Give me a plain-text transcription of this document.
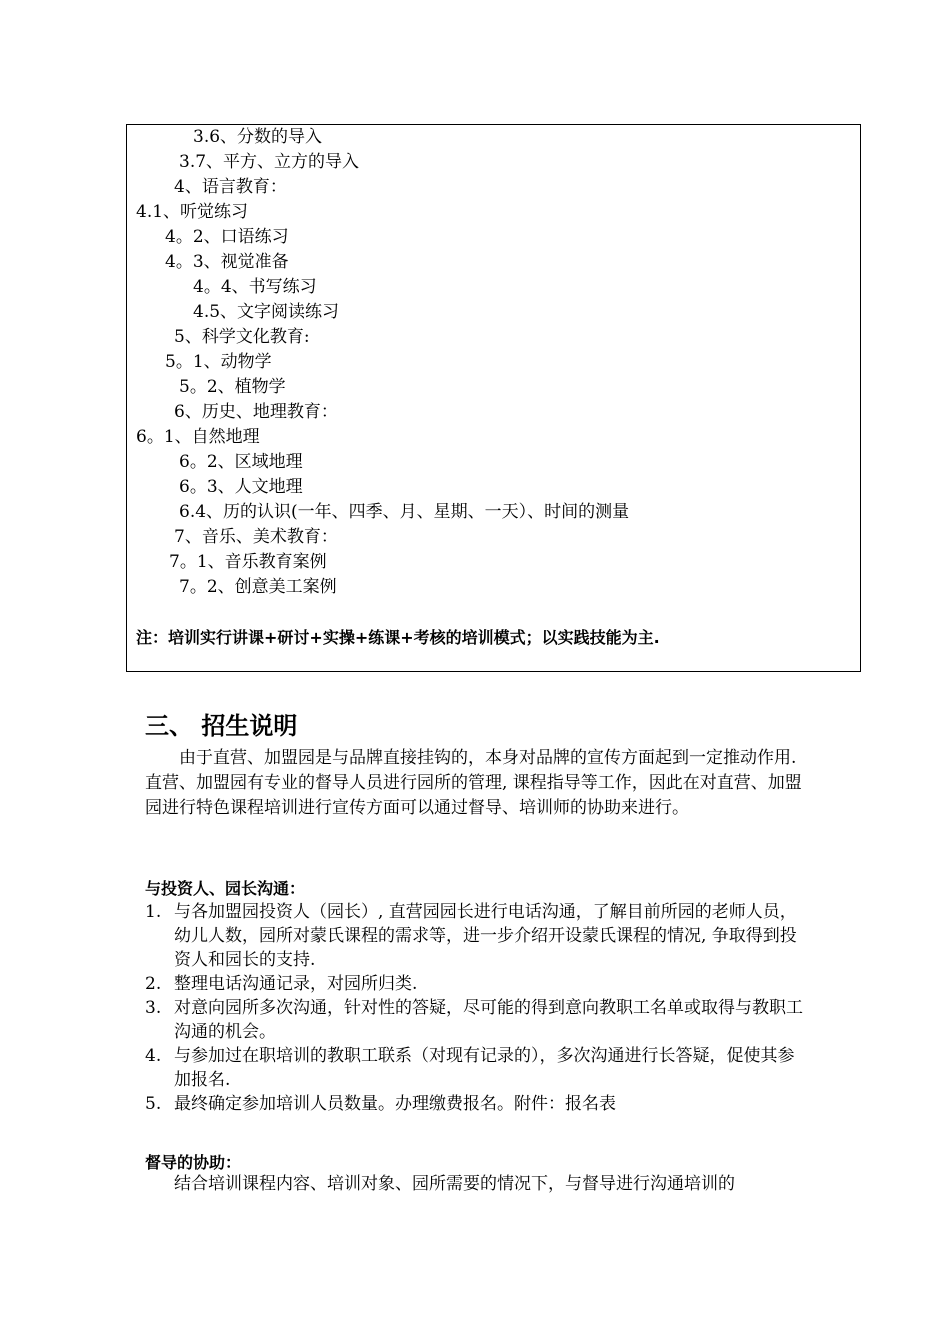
3.6、分数的导入
3.7、平方、立方的导入
4、语言教育：
4.1、听觉练习
4。2、口语练习
4。3、视觉准备
4。4、书写练习
4.5、文字阅读练习
5、科学文化教育:
5。1、动物学
5。2、植物学
6、历史、地理教育：
6。1、自然地理
6。2、区域地理
6。3、人文地理
6.4、历的认识(一年、四季、月、星期、一天）、时间的测量
7、音乐、美术教育：
7。1、音乐教育案例
7。2、创意美工案例
注：培训实行讲课+研讨+实操+练课+考核的培训模式；以实践技能为主.
三、 招生说明
由于直营、加盟园是与品牌直接挂钩的，本身对品牌的宣传方面起到一定推动作用. 直营、加盟园有专业的督导人员进行园所的管理, 课程指导等工作，因此在对直营、加盟园进行特色课程培训进行宣传方面可以通过督导、培训师的协助来进行。
与投资人、园长沟通：
1. 与各加盟园投资人（园长）, 直营园园长进行电话沟通，了解目前所园的老师人员，幼儿人数，园所对蒙氏课程的需求等，进一步介绍开设蒙氏课程的情况, 争取得到投资人和园长的支持.
2. 整理电话沟通记录，对园所归类.
3. 对意向园所多次沟通，针对性的答疑，尽可能的得到意向教职工名单或取得与教职工沟通的机会。
4. 与参加过在职培训的教职工联系（对现有记录的），多次沟通进行长答疑，促使其参加报名.
5. 最终确定参加培训人员数量。办理缴费报名。附件：报名表
督导的协助：
结合培训课程内容、培训对象、园所需要的情况下，与督导进行沟通培训的
